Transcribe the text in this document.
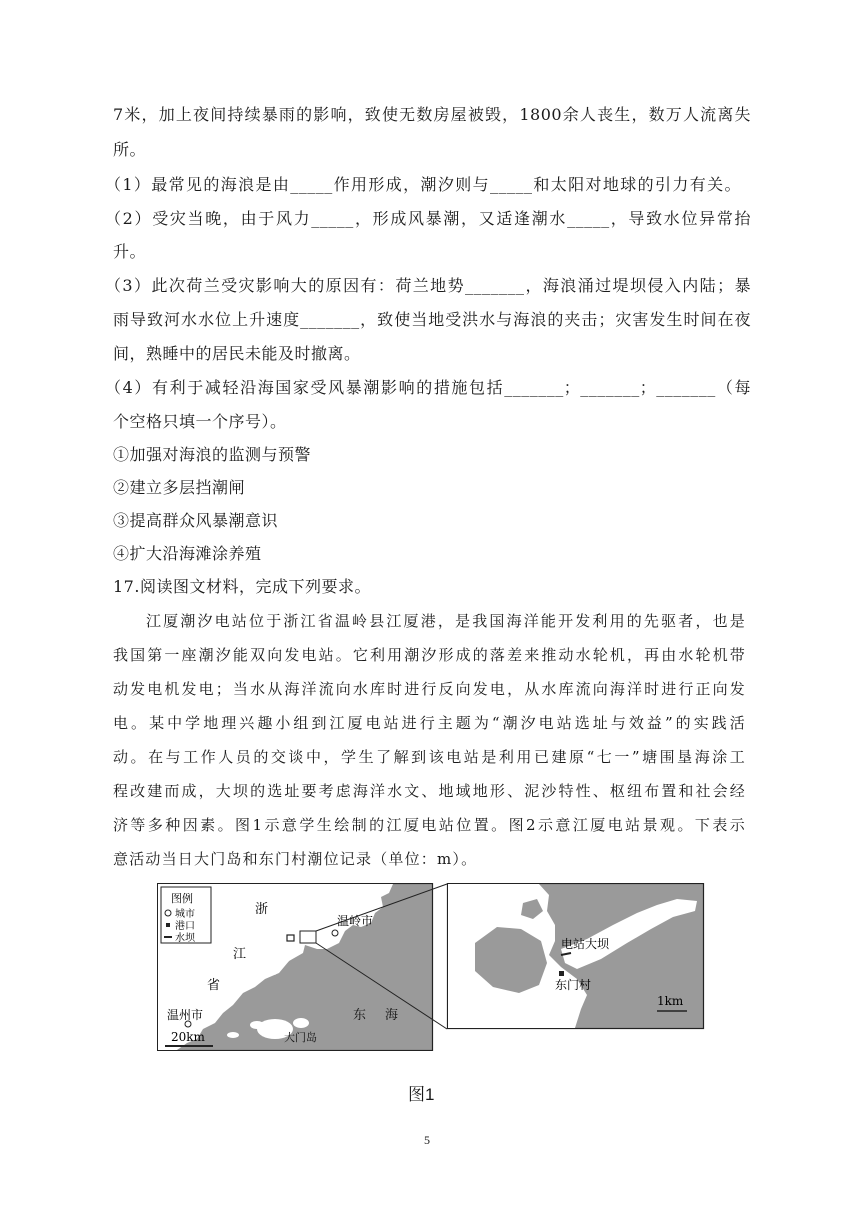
7米，加上夜间持续暴雨的影响，致使无数房屋被毁，1800余人丧生，数万人流离失
所。
（1）最常见的海浪是由_____作用形成，潮汐则与_____和太阳对地球的引力有关。
（2）受灾当晚，由于风力_____，形成风暴潮，又适逢潮水_____，导致水位异常抬
升。
（3）此次荷兰受灾影响大的原因有：荷兰地势_______，海浪涌过堤坝侵入内陆；暴
雨导致河水水位上升速度_______，致使当地受洪水与海浪的夹击；灾害发生时间在夜
间，熟睡中的居民未能及时撤离。
（4）有利于减轻沿海国家受风暴潮影响的措施包括_______；_______；_______（每
个空格只填一个序号）。
①加强对海浪的监测与预警
②建立多层挡潮闸
③提高群众风暴潮意识
④扩大沿海滩涂养殖
17.阅读图文材料，完成下列要求。
江厦潮汐电站位于浙江省温岭县江厦港，是我国海洋能开发利用的先驱者，也是
我国第一座潮汐能双向发电站。它利用潮汐形成的落差来推动水轮机，再由水轮机带
动发电机发电；当水从海洋流向水库时进行反向发电，从水库流向海洋时进行正向发
电。某中学地理兴趣小组到江厦电站进行主题为“潮汐电站选址与效益”的实践活
动。在与工作人员的交谈中，学生了解到该电站是利用已建原“七一”塘围垦海涂工
程改建而成，大坝的选址要考虑海洋水文、地域地形、泥沙特性、枢纽布置和社会经
济等多种因素。图1示意学生绘制的江厦电站位置。图2示意江厦电站景观。下表示
意活动当日大门岛和东门村潮位记录（单位：m）。
图例
城市
港口
水坝
浙
江
省
温岭市
温州市	东 海
大门岛
20km
电站大坝
东门村
1km
图1
5
